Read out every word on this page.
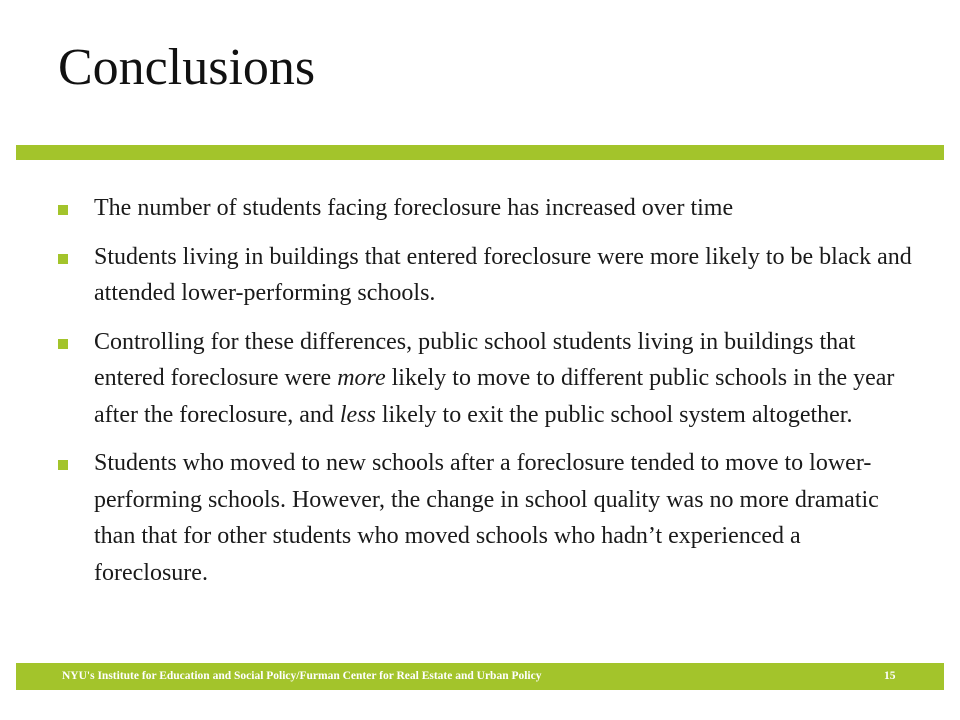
Conclusions
The number of students facing foreclosure has increased over time
Students living in buildings that entered foreclosure were more likely to be black and attended lower-performing schools.
Controlling for these differences, public school students living in buildings that entered foreclosure were more likely to move to different public schools in the year after the foreclosure, and less likely to exit the public school system altogether.
Students who moved to new schools after a foreclosure tended to move to lower-performing schools. However, the change in school quality was no more dramatic than that for other students who moved schools who hadn’t experienced a foreclosure.
NYU's Institute for Education and Social Policy/Furman Center for Real Estate and Urban Policy	15
